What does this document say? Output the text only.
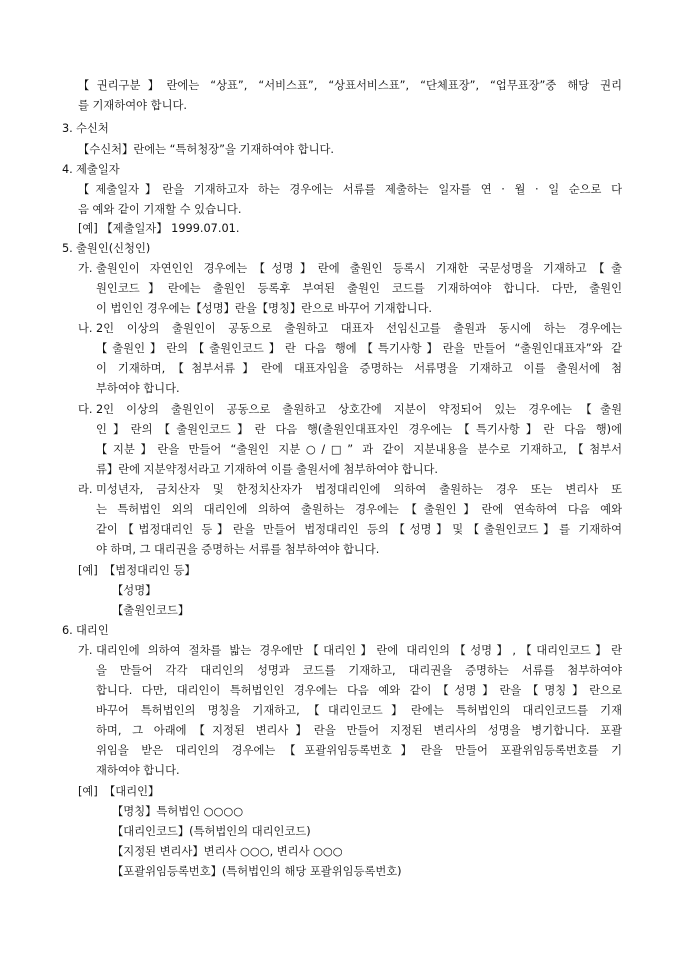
【권리구분】란에는 “상표”, “서비스표”, “상표서비스표”, “단체표장”, “업무표장”중 해당 권리
를 기재하여야 합니다.
3. 수신처
【수신처】란에는 “특허청장”을 기재하여야 합니다.
4. 제출일자
【제출일자】란을 기재하고자 하는 경우에는 서류를 제출하는 일자를 연 · 월 · 일 순으로 다
음 예와 같이 기재할 수 있습니다.
[예] 【제출일자】 1999.07.01.
5. 출원인(신청인)
가. 출원인이 자연인인 경우에는【성명】란에 출원인 등록시 기재한 국문성명을 기재하고【출
원인코드】란에는 출원인 등록후 부여된 출원인 코드를 기재하여야 합니다. 다만, 출원인
이 법인인 경우에는【성명】란을【명칭】란으로 바꾸어 기재합니다.
나. 2인 이상의 출원인이 공동으로 출원하고 대표자 선임신고를 출원과 동시에 하는 경우에는
【출원인】란의【출원인코드】란 다음 행에【특기사항】란을 만들어 “출원인대표자”와 같
이 기재하며,【첨부서류】란에 대표자임을 증명하는 서류명을 기재하고 이를 출원서에 첨
부하여야 합니다.
다. 2인 이상의 출원인이 공동으로 출원하고 상호간에 지분이 약정되어 있는 경우에는【출원
인】란의【출원인코드】란 다음 행(출원인대표자인 경우에는【특기사항】란 다음 행)에
【지분】란을 만들어 “출원인 지분○/□” 과 같이 지분내용을 분수로 기재하고,【첨부서
류】란에 지분약정서라고 기재하여 이를 출원서에 첨부하여야 합니다.
라. 미성년자, 금치산자 및 한정치산자가 법정대리인에 의하여 출원하는 경우 또는 변리사 또
는 특허법인 외의 대리인에 의하여 출원하는 경우에는【출원인】란에 연속하여 다음 예와
같이【법정대리인 등】란을 만들어 법정대리인 등의【성명】및【출원인코드】를 기재하여
야 하며, 그 대리권을 증명하는 서류를 첨부하여야 합니다.
[예] 【법정대리인 등】
【성명】
【출원인코드】
6. 대리인
가. 대리인에 의하여 절차를 밟는 경우에만【대리인】란에 대리인의【성명】,【대리인코드】란
을 만들어 각각 대리인의 성명과 코드를 기재하고, 대리권을 증명하는 서류를 첨부하여야
합니다. 다만, 대리인이 특허법인인 경우에는 다음 예와 같이【성명】란을【명칭】란으로
바꾸어 특허법인의 명칭을 기재하고,【대리인코드】란에는 특허법인의 대리인코드를 기재
하며, 그 아래에【지정된 변리사】란을 만들어 지정된 변리사의 성명을 병기합니다. 포괄
위임을 받은 대리인의 경우에는【포괄위임등록번호】란을 만들어 포괄위임등록번호를 기
재하여야 합니다.
[예] 【대리인】
【명칭】특허법인 ○○○○
【대리인코드】(특허법인의 대리인코드)
【지정된 변리사】변리사 ○○○, 변리사 ○○○
【포괄위임등록번호】(특허법인의 해당 포괄위임등록번호)
